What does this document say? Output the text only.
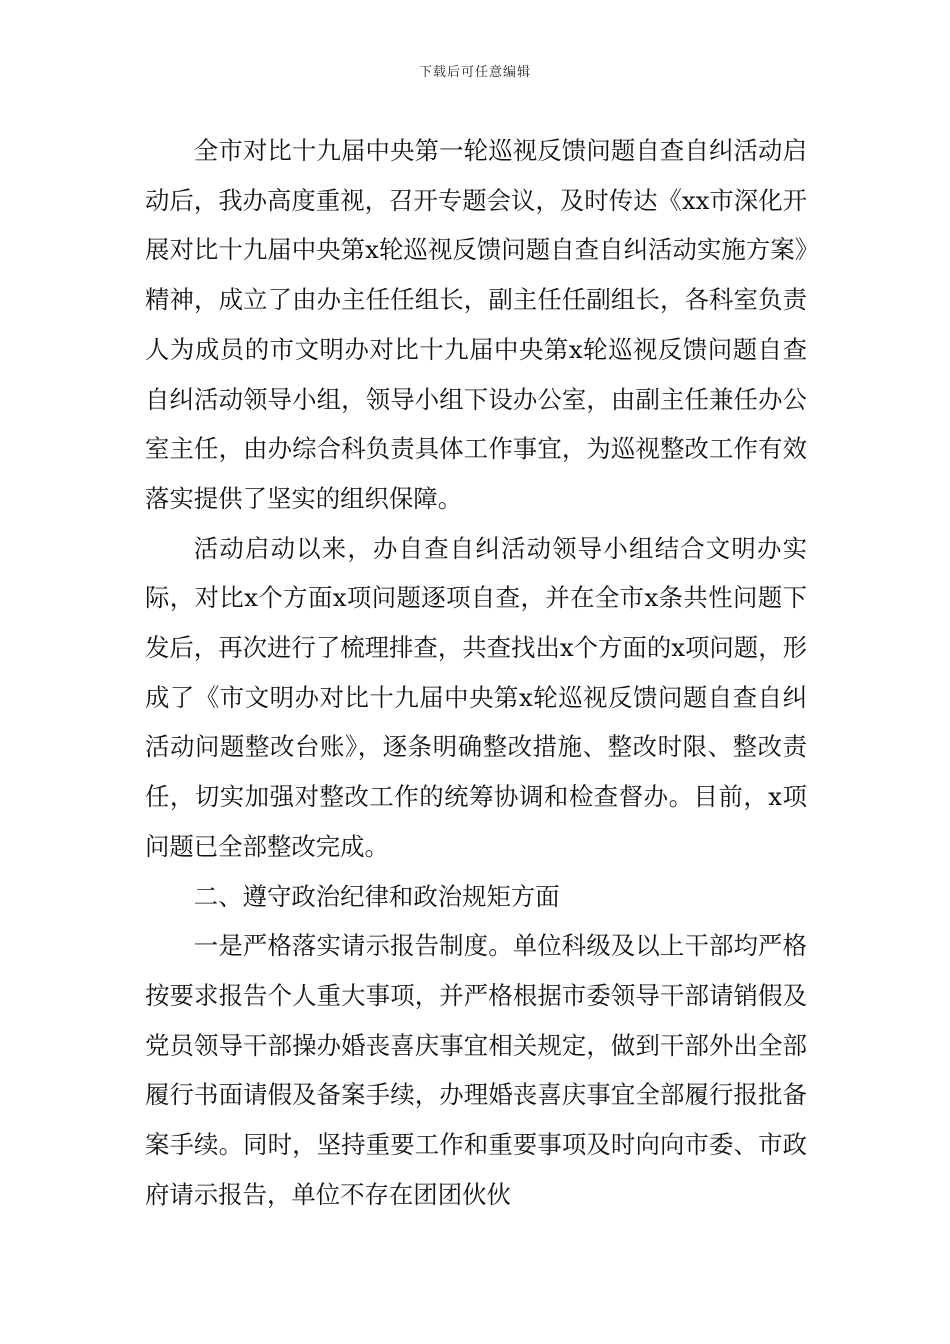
下载后可任意编辑

全市对比十九届中央第一轮巡视反馈问题自查自纠活动启动后，我办高度重视，召开专题会议，及时传达《xx市深化开展对比十九届中央第x轮巡视反馈问题自查自纠活动实施方案》精神，成立了由办主任任组长，副主任任副组长，各科室负责人为成员的市文明办对比十九届中央第x轮巡视反馈问题自查自纠活动领导小组，领导小组下设办公室，由副主任兼任办公室主任，由办综合科负责具体工作事宜，为巡视整改工作有效落实提供了坚实的组织保障。

活动启动以来，办自查自纠活动领导小组结合文明办实际，对比x个方面x项问题逐项自查，并在全市x条共性问题下发后，再次进行了梳理排查，共查找出x个方面的x项问题，形成了《市文明办对比十九届中央第x轮巡视反馈问题自查自纠活动问题整改台账》，逐条明确整改措施、整改时限、整改责任，切实加强对整改工作的统筹协调和检查督办。目前，x项问题已全部整改完成。

二、遵守政治纪律和政治规矩方面

一是严格落实请示报告制度。单位科级及以上干部均严格按要求报告个人重大事项，并严格根据市委领导干部请销假及党员领导干部操办婚丧喜庆事宜相关规定，做到干部外出全部履行书面请假及备案手续，办理婚丧喜庆事宜全部履行报批备案手续。同时，坚持重要工作和重要事项及时向向市委、市政府请示报告，单位不存在团团伙伙
